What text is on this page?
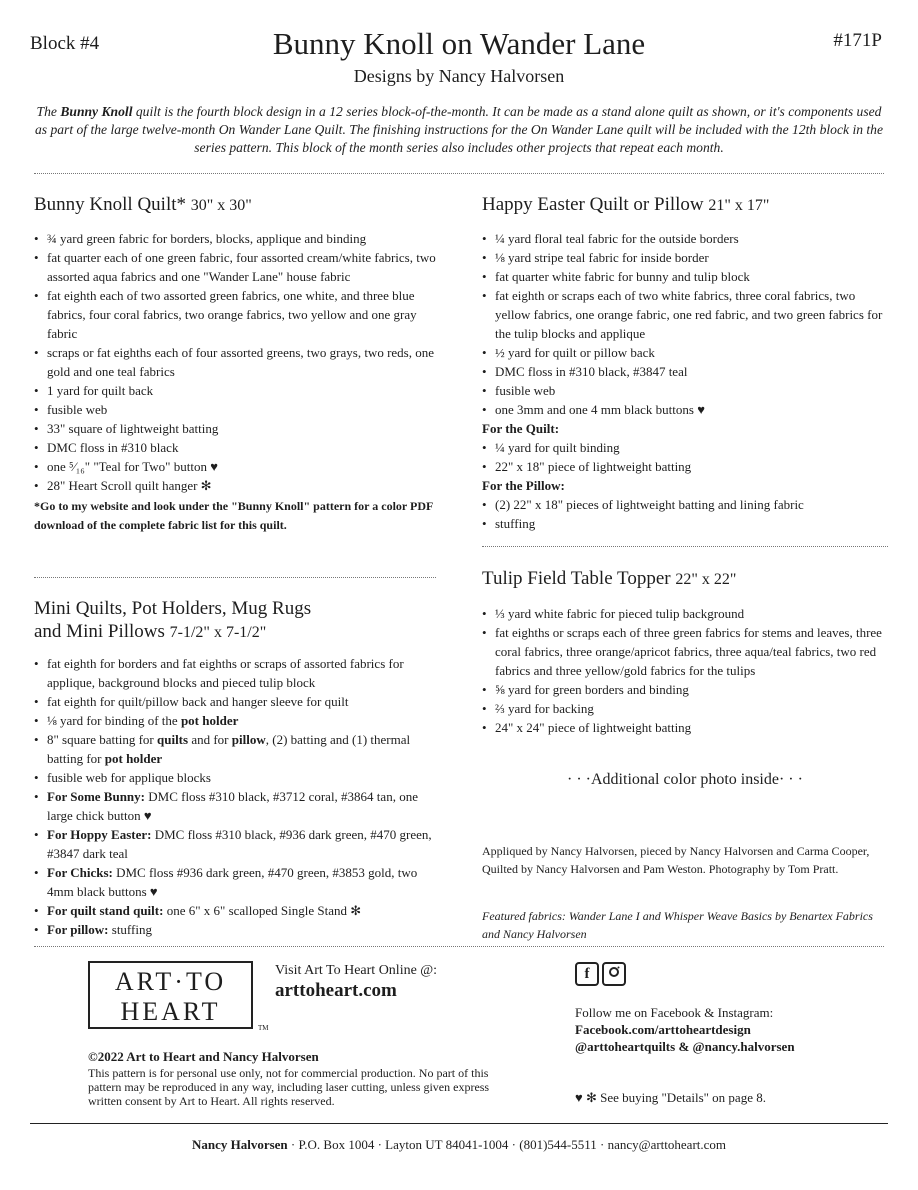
Block #4	#171P
Bunny Knoll on Wander Lane
Designs by Nancy Halvorsen
The Bunny Knoll quilt is the fourth block design in a 12 series block-of-the-month. It can be made as a stand alone quilt as shown, or it's components used as part of the large twelve-month On Wander Lane Quilt. The finishing instructions for the On Wander Lane quilt will be included with the 12th block in the series pattern. This block of the month series also includes other projects that repeat each month.
Bunny Knoll Quilt* 30" x 30"
• ¾ yard green fabric for borders, blocks, applique and binding
• fat quarter each of one green fabric, four assorted cream/white fabrics, two assorted aqua fabrics and one "Wander Lane" house fabric
• fat eighth each of two assorted green fabrics, one white, and three blue fabrics, four coral fabrics, two orange fabrics, two yellow and one gray fabric
• scraps or fat eighths each of four assorted greens, two grays, two reds, one gold and one teal fabrics
• 1 yard for quilt back
• fusible web
• 33" square of lightweight batting
• DMC floss in #310 black
• one ⁵⁄₁₆" "Teal for Two" button ♥
• 28" Heart Scroll quilt hanger ✻
*Go to my website and look under the "Bunny Knoll" pattern for a color PDF download of the complete fabric list for this quilt.
Mini Quilts, Pot Holders, Mug Rugs
and Mini Pillows 7-1/2" x 7-1/2"
• fat eighth for borders and fat eighths or scraps of assorted fabrics for applique, background blocks and pieced tulip block
• fat eighth for quilt/pillow back and hanger sleeve for quilt
• ⅛ yard for binding of the pot holder
• 8" square batting for quilts and for pillow, (2) batting and (1) thermal batting for pot holder
• fusible web for applique blocks
• For Some Bunny: DMC floss #310 black, #3712 coral, #3864 tan, one large chick button ♥
• For Hoppy Easter: DMC floss #310 black, #936 dark green, #470 green, #3847 dark teal
• For Chicks: DMC floss #936 dark green, #470 green, #3853 gold, two 4mm black buttons ♥
• For quilt stand quilt: one 6" x 6" scalloped Single Stand ✻
• For pillow: stuffing
Happy Easter Quilt or Pillow 21" x 17"
• ¼ yard floral teal fabric for the outside borders
• ⅛ yard stripe teal fabric for inside border
• fat quarter white fabric for bunny and tulip block
• fat eighth or scraps each of two white fabrics, three coral fabrics, two yellow fabrics, one orange fabric, one red fabric, and two green fabrics for the tulip blocks and applique
• ½ yard for quilt or pillow back
• DMC floss in #310 black, #3847 teal
• fusible web
• one 3mm and one 4 mm black buttons ♥
For the Quilt:
• ¼ yard for quilt binding
• 22" x 18" piece of lightweight batting
For the Pillow:
• (2) 22" x 18" pieces of lightweight batting and lining fabric
• stuffing
Tulip Field Table Topper 22" x 22"
• ⅓ yard white fabric for pieced tulip background
• fat eighths or scraps each of three green fabrics for stems and leaves, three coral fabrics, three orange/apricot fabrics, three aqua/teal fabrics, two red fabrics and three yellow/gold fabrics for the tulips
• ⅝ yard for green borders and binding
• ⅔ yard for backing
• 24" x 24" piece of lightweight batting
· · ·Additional color photo inside· · ·
Appliqued by Nancy Halvorsen, pieced by Nancy Halvorsen and Carma Cooper, Quilted by Nancy Halvorsen and Pam Weston. Photography by Tom Pratt.
Featured fabrics: Wander Lane I and Whisper Weave Basics by Benartex Fabrics and Nancy Halvorsen
ART·TO
HEART
TM
Visit Art To Heart Online @:
arttoheart.com
©2022 Art to Heart and Nancy Halvorsen
This pattern is for personal use only, not for commercial production. No part of this pattern may be reproduced in any way, including laser cutting, unless given express written consent by Art to Heart. All rights reserved.
f
Follow me on Facebook & Instagram:
Facebook.com/arttoheartdesign
@arttoheartquilts & @nancy.halvorsen
♥ ✻ See buying "Details" on page 8.
Nancy Halvorsen · P.O. Box 1004 · Layton UT 84041-1004 · (801)544-5511 · nancy@arttoheart.com
